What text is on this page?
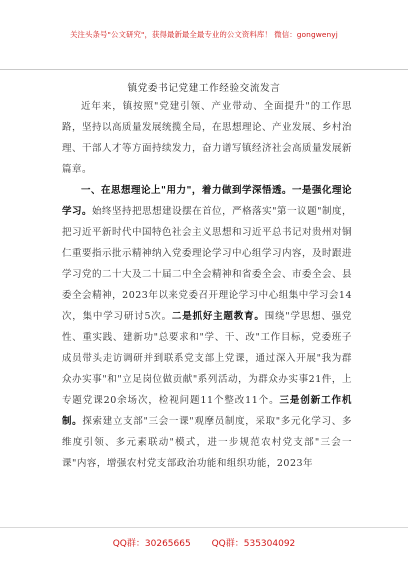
关注头条号"公文研究"，获得最新最全最专业的公文资料库！ 微信：gongwenyj
镇党委书记党建工作经验交流发言

近年来，镇按照"党建引领、产业带动、全面提升"的工作思路，坚持以高质量发展统揽全局，在思想理论、产业发展、乡村治理、干部人才等方面持续发力，奋力谱写镇经济社会高质量发展新篇章。

一、在思想理论上"用力"，着力做到学深悟透。一是强化理论学习。始终坚持把思想建设摆在首位，严格落实"第一议题"制度，把习近平新时代中国特色社会主义思想和习近平总书记对贵州对铜仁重要指示批示精神纳入党委理论学习中心组学习内容，及时跟进学习党的二十大及二十届二中全会精神和省委全会、市委全会、县委全会精神，2023年以来党委召开理论学习中心组集中学习会14次，集中学习研讨5次。二是抓好主题教育。围绕"学思想、强党性、重实践、建新功"总要求和"学、干、改"工作目标，党委班子成员带头走访调研并到联系党支部上党课，通过深入开展"我为群众办实事"和"立足岗位做贡献"系列活动，为群众办实事21件，上专题党课20余场次，检视问题11个整改11个。三是创新工作机制。探索建立支部"三会一课"观摩员制度，采取"多元化学习、多维度引领、多元素联动"模式，进一步规范农村党支部"三会一课"内容，增强农村党支部政治功能和组织功能，2023年

QQ群：30265665 QQ群：535304092
